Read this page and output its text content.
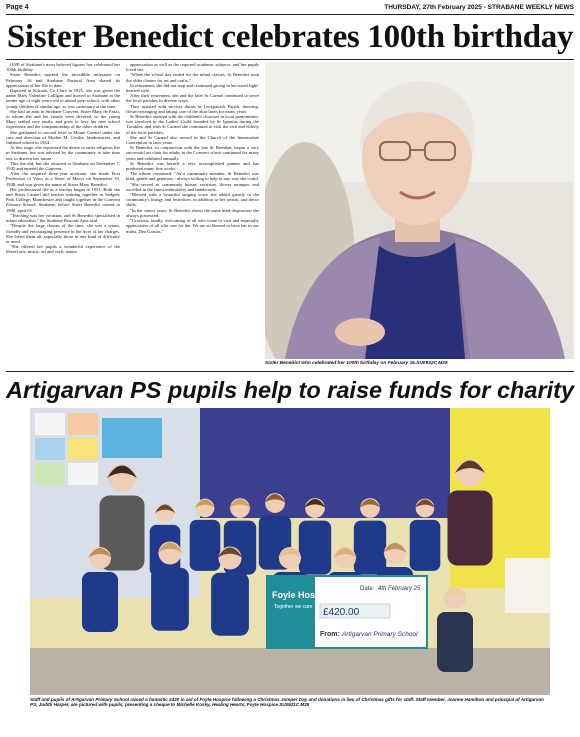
Page 4	THURSDAY, 27th February 2025 - STRABANE WEEKLY NEWS
Sister Benedict celebrates 100th birthday

ONE of Strabane's most beloved figures has celebrated her 100th birthday.

Sister Benedict marked the incredible milestone on February 16 and Strabane Pastoral Area shared its appreciation of her life to date.

Baptised in Kilrush, Co Clare in 1925, she was given the name Mary Valentine Culligan and moved to Strabane at the tender age of eight years-old to attend prep school, with other young children of similar age, as was customary at the time.

She had an aunt in Strabane Convent, Sister Mary de Pazzi, to whom she and her family were devoted, so the young Mary settled very easily, and grew to love her new school experience and the companionship of the other children.

She graduated to second level in Mount Carmel under the care and direction of Mother M. Cecilia, headmistress, and finished school in 1944.

At this stage, she expressed the desire to enter religious life in Strabane, but was advised by the community to take time out, to discern her future.

This she did, but she returned to Strabane on December 7, 1945 and entered the Convent.

After the required three-year novitiate, she made First Profession of Vows as a Sister of Mercy on September 10, 1948, and was given the name of Sister Mary Benedict.

Her professional life as a teacher began in 1951. Both she and Sister Carmel did teacher training together in Sedgely Park College, Manchester and taught together in the Convent Primary School, Strabane, before Sister Benedict retired in 1990, aged 65.

"Teaching was her vocation, and Sr Benedict specialised in infant education," the Strabane Pastoral Area said.

"Despite the large classes of the time, she was a warm, friendly and encouraging presence in the lives of her charges. She loved them all, especially those in any kind of difficulty or need.

"She offered her pupils a wonderful experience of the liberal arts, music, art and craft, nature

appreciation as well as the required academic subjects, and her pupils loved her.

"When the school day ended for the infant classes, Sr Benedict took the older classes for art and crafts."

In retirement, she did not stop and continued giving in her usual light-hearted style.

After their retirement, she and the later Sr Carmel continued to serve the local parishes in diverse ways.

They assisted with sacristy duties in Leckpatrick Parish, dressing, flower-arranging and taking care of the altar linen for many years.

Sr Benedict assisted with the children's choruses in local pantomimes, was involved in the Ladies' Guild founded by Sr Ignatius during the Troubles, and with Sr Carmel she continued to visit the sick and elderly of the local parishes.

She and Sr Carmel also served in the Church of the Immaculate Conception in later years.

Sr Benedict, in conjunction with the late Sr Brendan, began a very successful art class for adults in the Convent which continued for many years and exhibited annually.

Sr Benedict was herself a very accomplished painter and has produced many fine works.

The tribute continued: "As a community member, Sr Benedict was kind, gentle and generous - always willing to help in any way she could.

"She served as community bursar, sacristan, flower arranger, and excelled in the finest embroidery and handicrafts.

"Blessed with a beautiful singing voice she added greatly to the community's liturgy and festivities, in addition to her artistic and decor skills.

"In her senior years, Sr Benedict shows the same kind disposition she always possessed.

"Gracious, kindly, welcoming of all who come to visit and especially appreciative of all who care for her. We are so blessed to have her in our midst. Deo Gratias."

Sister Benedict who celebrated her 100th birthday on February 16.SU0932C M25
Artigarvan PS pupils help to raise funds for charity
Foyle Hospice
Together we care
Date: 4th February 25
£420.00
From: Artigarvan Primary School
Staff and pupils of Artigarvan Primary School raised a fantastic £420 in aid of Foyle Hospice following a Christmas Jumper Day and donations in lieu of Christmas gifts for staff. Staff member, Joanne Hamilton and principal of Artigarvan PS, Judith Harper, are pictured with pupils, presenting a cheque to Michelle Kosky, Healing Hearts, Foyle Hospice.SU0921C M25
